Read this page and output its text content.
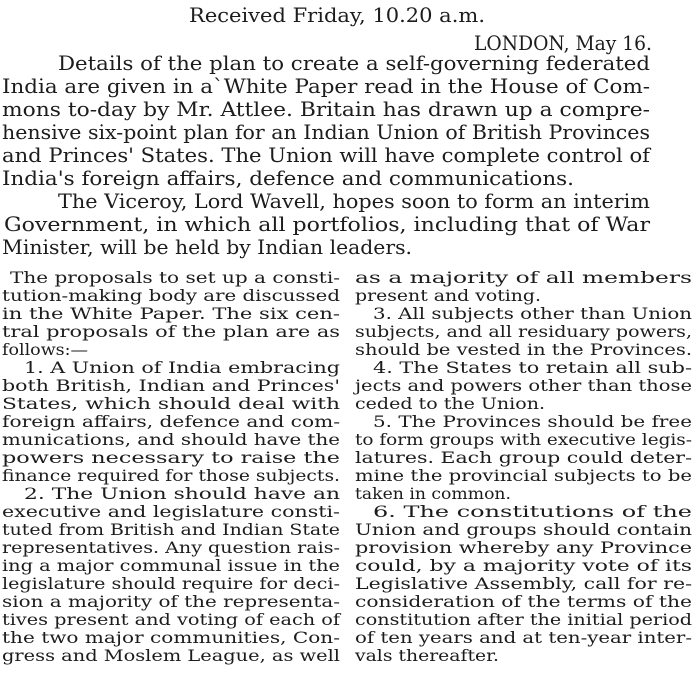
Received Friday, 10.20 a.m.
LONDON, May 16.
Details of the plan to create a self-governing federated
India are given in a`White Paper read in the House of Com-
mons to-day by Mr. Attlee. Britain has drawn up a compre-
hensive six-point plan for an Indian Union of British Provinces
and Princes' States. The Union will have complete control of
India's foreign affairs, defence and communications.
The Viceroy, Lord Wavell, hopes soon to form an interim
Government, in which all portfolios, including that of War
Minister, will be held by Indian leaders.
The proposals to set up a consti-
tution-making body are discussed
in the White Paper. The six cen-
tral proposals of the plan are as
follows:—
1. A Union of India embracing
both British, Indian and Princes'
States, which should deal with
foreign affairs, defence and com-
munications, and should have the
powers necessary to raise the
finance required for those subjects.
2. The Union should have an
executive and legislature consti-
tuted from British and Indian State
representatives. Any question rais-
ing a major communal issue in the
legislature should require for deci-
sion a majority of the representa-
tives present and voting of each of
the two major communities, Con-
gress and Moslem League, as well
as a majority of all members
present and voting.
3. All subjects other than Union
subjects, and all residuary powers,
should be vested in the Provinces.
4. The States to retain all sub-
jects and powers other than those
ceded to the Union.
5. The Provinces should be free
to form groups with executive legis-
latures. Each group could deter-
mine the provincial subjects to be
taken in common.
6. The constitutions of the
Union and groups should contain
provision whereby any Province
could, by a majority vote of its
Legislative Assembly, call for re-
consideration of the terms of the
constitution after the initial period
of ten years and at ten-year inter-
vals thereafter.
